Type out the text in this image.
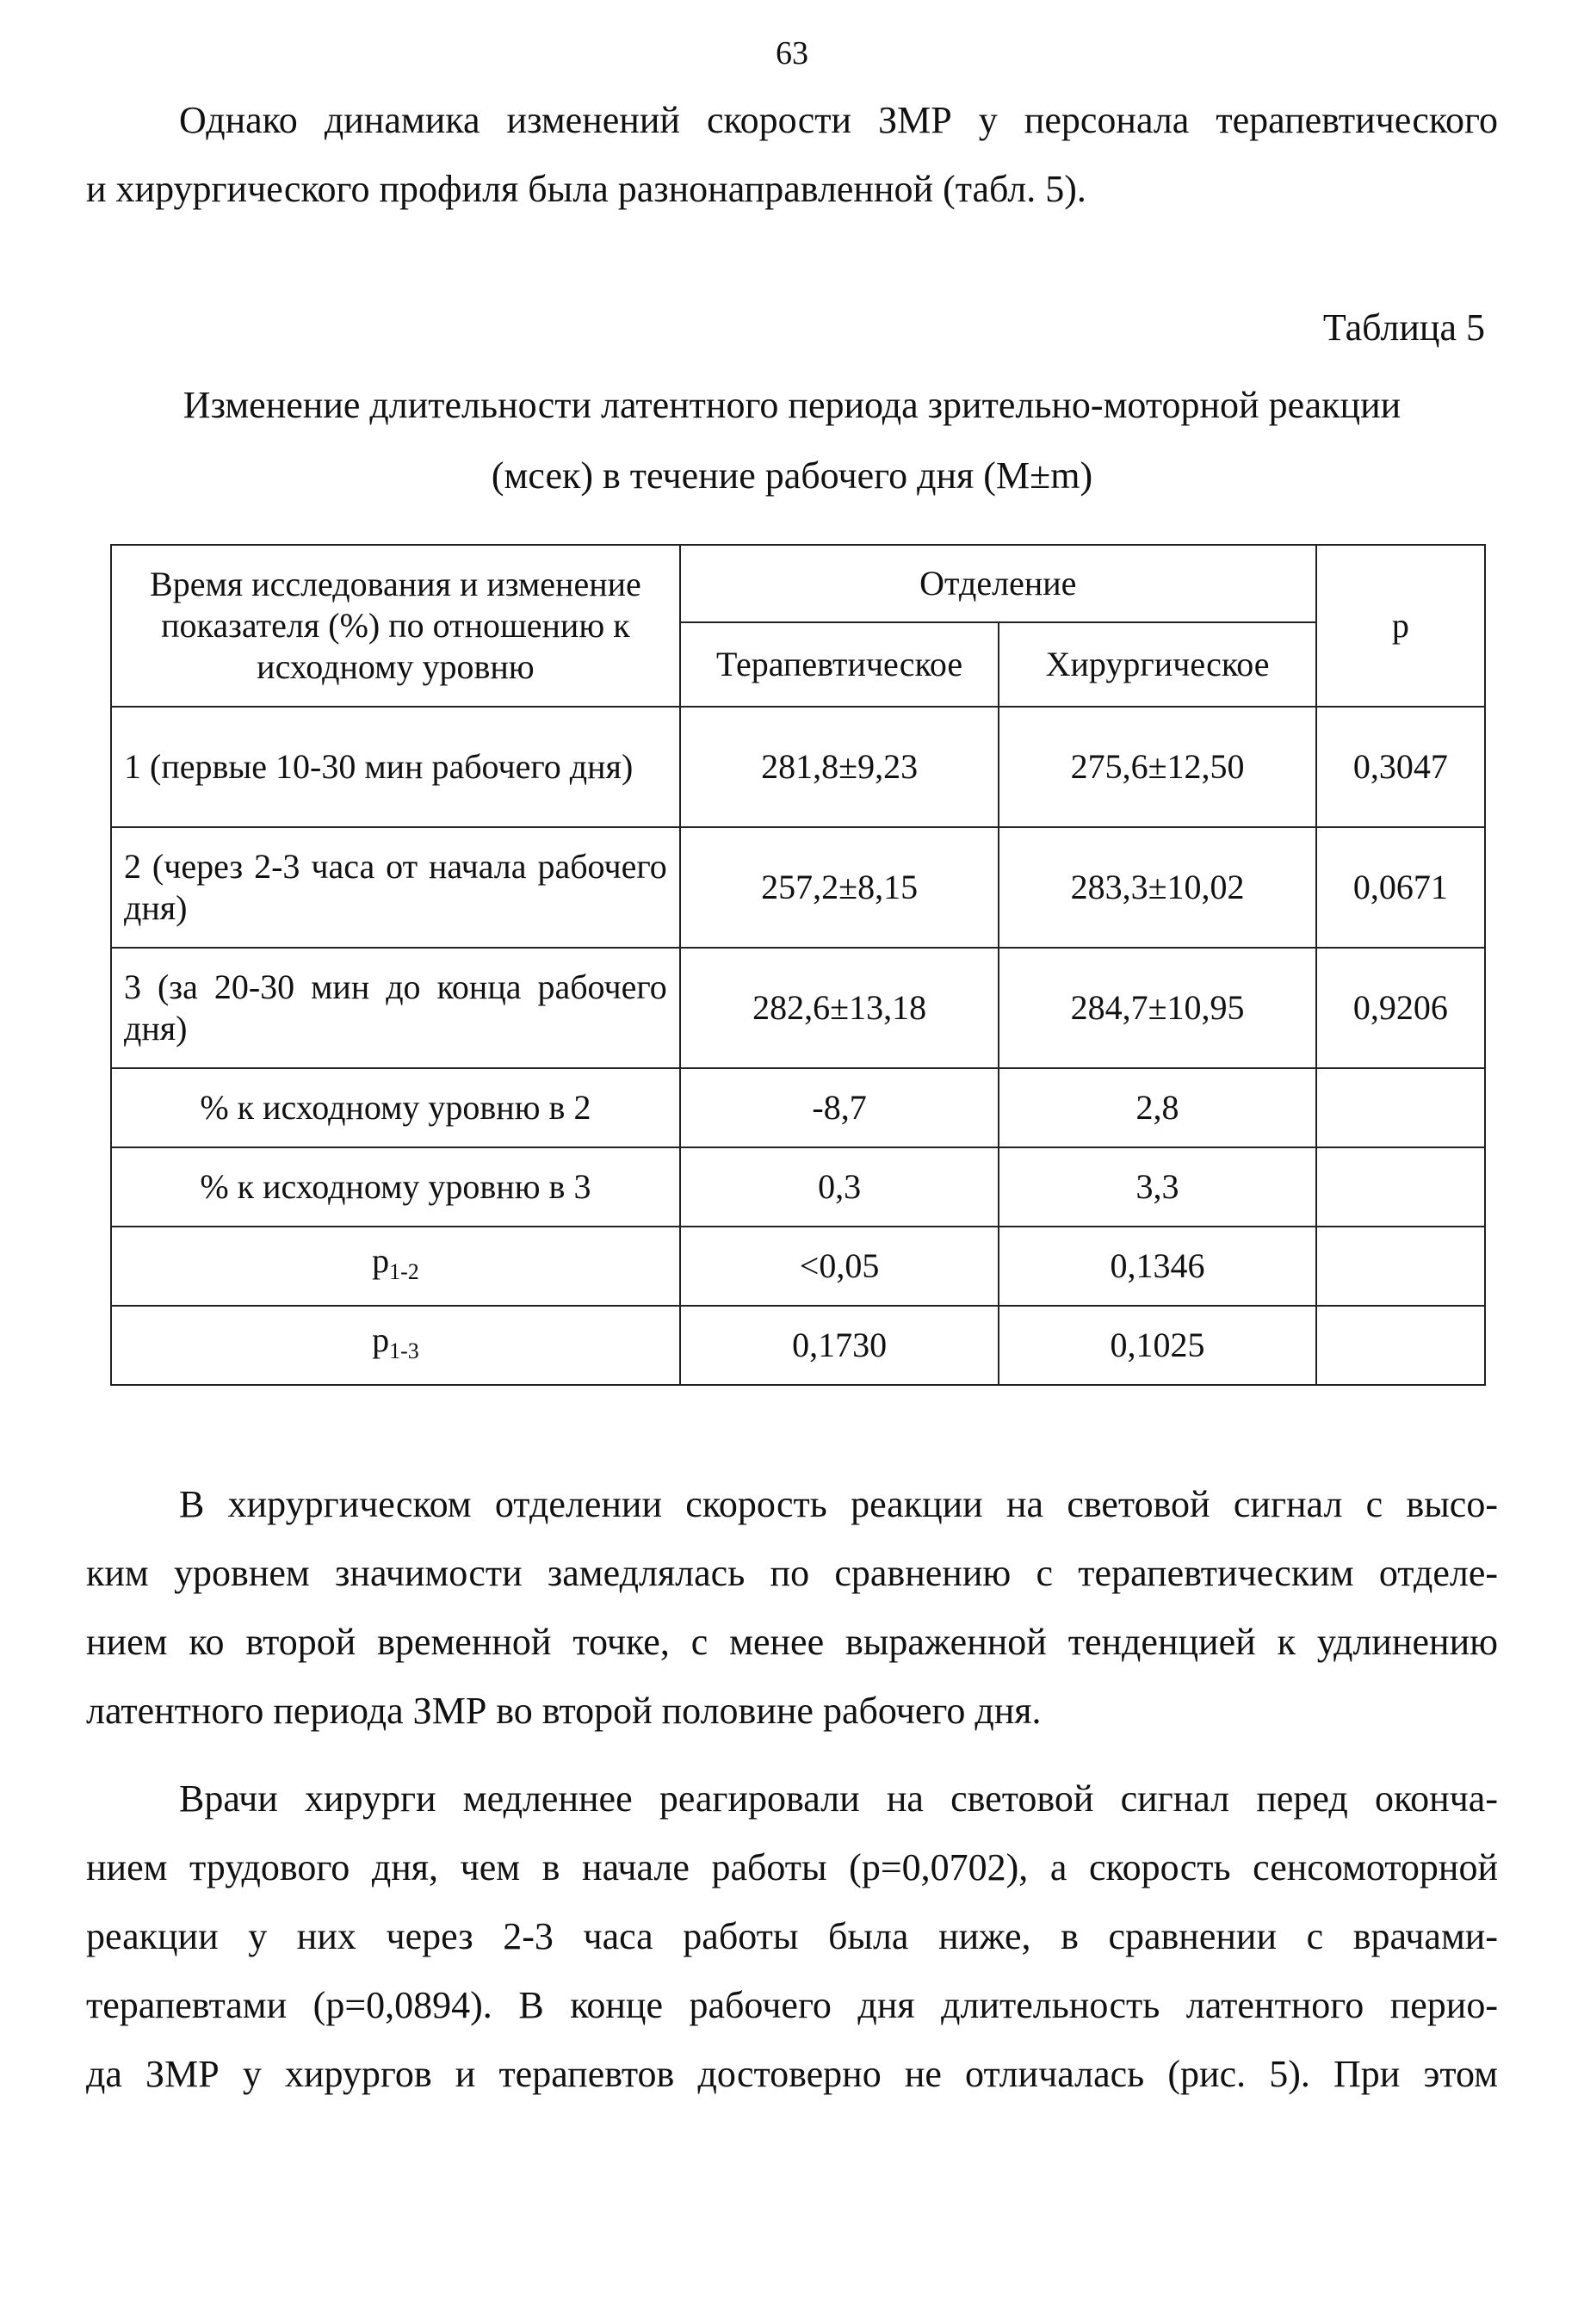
63
Однако динамика изменений скорости ЗМР у персонала терапевтического
и хирургического профиля была разнонаправленной (табл. 5).
Таблица 5
Изменение длительности латентного периода зрительно-моторной реакции
(мсек) в течение рабочего дня (M±m)
Время исследования и изменение
показателя (%) по отношению к
исходному уровню	Отделение		p
	Терапевтическое	Хирургическое	
1 (первые 10-30 мин рабочего дня)	281,8±9,23	275,6±12,50	0,3047
2 (через 2-3 часа от начала рабочего дня)	257,2±8,15	283,3±10,02	0,0671
3 (за 20-30 мин до конца рабочего дня)	282,6±13,18	284,7±10,95	0,9206
% к исходному уровню в 2	-8,7	2,8	
% к исходному уровню в 3	0,3	3,3	
$p_{1-2}$	<0,05	0,1346	
$p_{1-3}$	0,1730	0,1025	
В хирургическом отделении скорость реакции на световой сигнал с высо-
ким уровнем значимости замедлялась по сравнению с терапевтическим отделе-
нием ко второй временной точке, с менее выраженной тенденцией к удлинению
латентного периода ЗМР во второй половине рабочего дня.
Врачи хирурги медленнее реагировали на световой сигнал перед оконча-
нием трудового дня, чем в начале работы (р=0,0702), а скорость сенсомоторной
реакции у них через 2-3 часа работы была ниже, в сравнении с врачами-
терапевтами (р=0,0894). В конце рабочего дня длительность латентного перио-
да ЗМР у хирургов и терапевтов достоверно не отличалась (рис. 5). При этом
